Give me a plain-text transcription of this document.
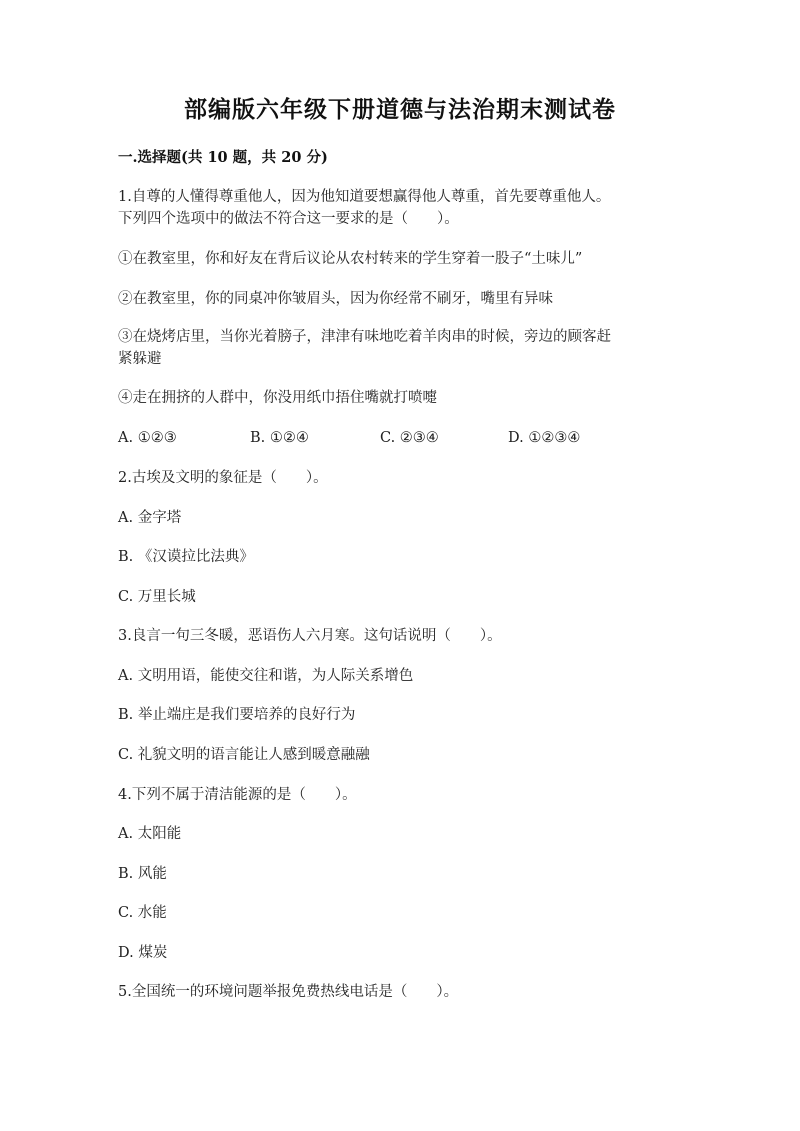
部编版六年级下册道德与法治期末测试卷
一.选择题(共 10 题，共 20 分)
1.自尊的人懂得尊重他人，因为他知道要想赢得他人尊重，首先要尊重他人。
下列四个选项中的做法不符合这一要求的是（　　）。
①在教室里，你和好友在背后议论从农村转来的学生穿着一股子“土味儿”
②在教室里，你的同桌冲你皱眉头，因为你经常不刷牙，嘴里有异味
③在烧烤店里，当你光着膀子，津津有味地吃着羊肉串的时候，旁边的顾客赶
紧躲避
④走在拥挤的人群中，你没用纸巾捂住嘴就打喷嚏
A. ①②③	B. ①②④	C. ②③④	D. ①②③④
2.古埃及文明的象征是（　　）。
A. 金字塔
B. 《汉谟拉比法典》
C. 万里长城
3.良言一句三冬暖，恶语伤人六月寒。这句话说明（　　）。
A. 文明用语，能使交往和谐，为人际关系增色
B. 举止端庄是我们要培养的良好行为
C. 礼貌文明的语言能让人感到暖意融融
4.下列不属于清洁能源的是（　　）。
A. 太阳能
B. 风能
C. 水能
D. 煤炭
5.全国统一的环境问题举报免费热线电话是（　　）。
